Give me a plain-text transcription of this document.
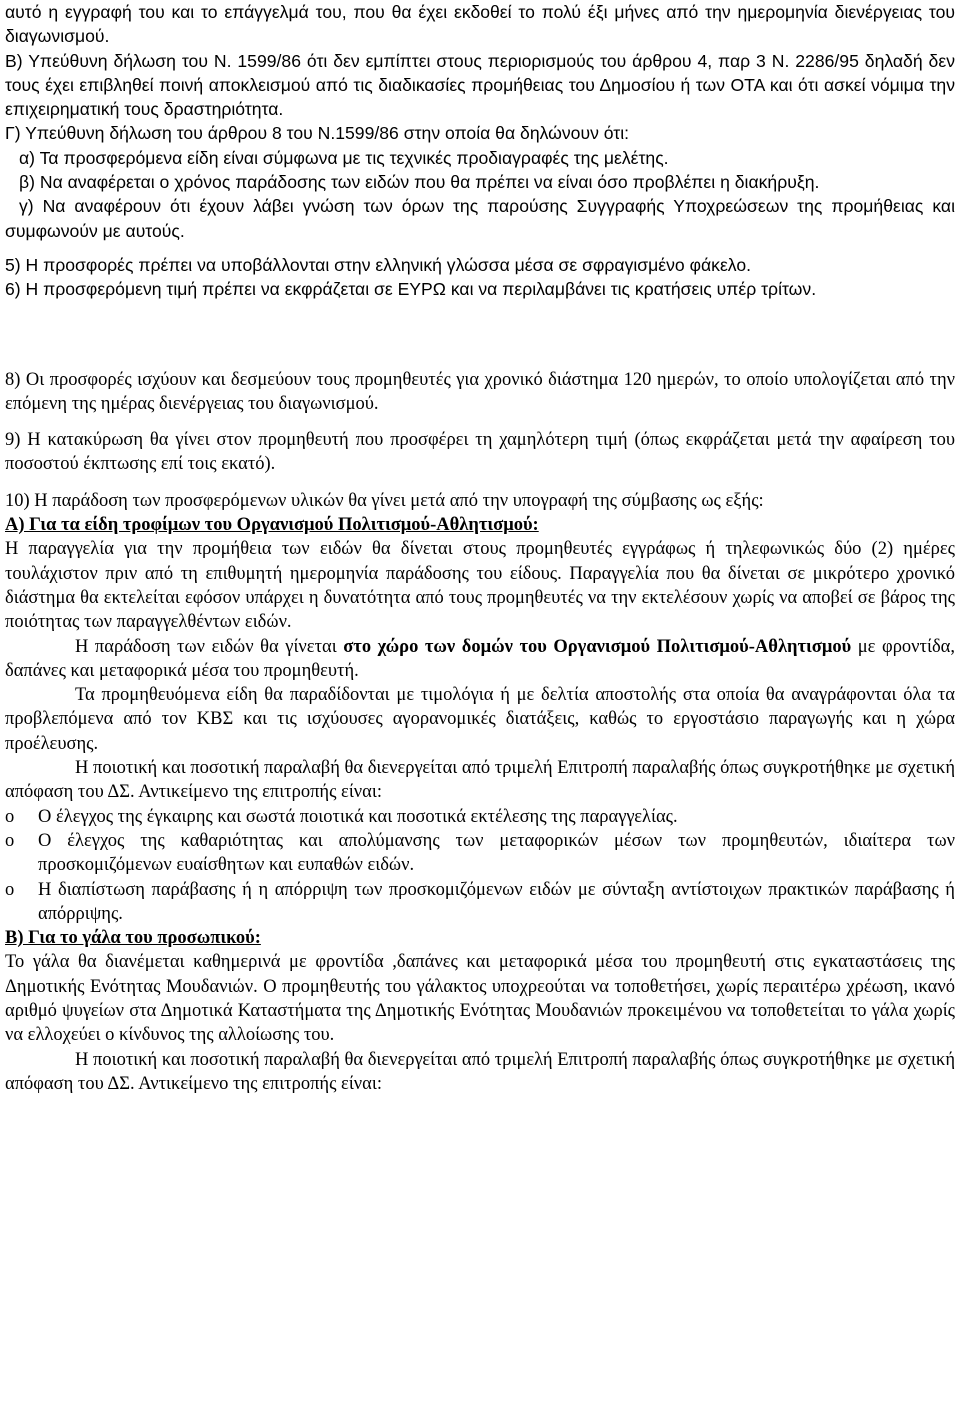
αυτό η εγγραφή του και το επάγγελμά του, που θα έχει εκδοθεί το πολύ έξι μήνες από την ημερομηνία διενέργειας του διαγωνισμού.

Β) Υπεύθυνη δήλωση του Ν. 1599/86 ότι δεν εμπίπτει στους περιορισμούς του άρθρου 4, παρ 3 Ν. 2286/95 δηλαδή δεν τους έχει επιβληθεί ποινή αποκλεισμού από τις διαδικασίες προμήθειας του Δημοσίου ή των ΟΤΑ και ότι ασκεί νόμιμα την επιχειρηματική τους δραστηριότητα.

Γ) Υπεύθυνη δήλωση του άρθρου 8 του Ν.1599/86 στην οποία θα δηλώνουν ότι:

α) Τα προσφερόμενα είδη είναι σύμφωνα με τις τεχνικές προδιαγραφές της μελέτης.

β) Να αναφέρεται ο χρόνος παράδοσης των ειδών που θα πρέπει να είναι όσο προβλέπει η διακήρυξη.

γ) Να αναφέρουν ότι έχουν λάβει γνώση των όρων της παρούσης Συγγραφής Υποχρεώσεων της προμήθειας και συμφωνούν με αυτούς.

5) Η προσφορές πρέπει να υποβάλλονται στην ελληνική γλώσσα μέσα σε σφραγισμένο φάκελο.

6) Η προσφερόμενη τιμή πρέπει να εκφράζεται σε ΕΥΡΩ και να περιλαμβάνει τις κρατήσεις υπέρ τρίτων.

8) Οι προσφορές ισχύουν και δεσμεύουν τους προμηθευτές για χρονικό διάστημα 120 ημερών, το οποίο υπολογίζεται από την επόμενη της ημέρας διενέργειας του διαγωνισμού.

9) Η κατακύρωση θα γίνει στον προμηθευτή που προσφέρει τη χαμηλότερη τιμή (όπως εκφράζεται μετά την αφαίρεση του ποσοστού έκπτωσης επί τοις εκατό).

10) Η παράδοση των προσφερόμενων υλικών θα γίνει μετά από την υπογραφή της σύμβασης ως εξής:

Α) Για τα είδη τροφίμων του Οργανισμού Πολιτισμού-Αθλητισμού:

Η παραγγελία για την προμήθεια των ειδών θα δίνεται στους προμηθευτές εγγράφως ή τηλεφωνικώς δύο (2) ημέρες τουλάχιστον πριν από τη επιθυμητή ημερομηνία παράδοσης του είδους. Παραγγελία που θα δίνεται σε μικρότερο χρονικό διάστημα θα εκτελείται εφόσον υπάρχει η δυνατότητα από τους προμηθευτές να την εκτελέσουν χωρίς να αποβεί σε βάρος της ποιότητας των παραγγελθέντων ειδών.

Η παράδοση των ειδών θα γίνεται στο χώρο των δομών του Οργανισμού Πολιτισμού-Αθλητισμού με φροντίδα, δαπάνες και μεταφορικά μέσα του προμηθευτή.

Τα προμηθευόμενα είδη θα παραδίδονται με τιμολόγια ή με δελτία αποστολής στα οποία θα αναγράφονται όλα τα προβλεπόμενα από τον ΚΒΣ και τις ισχύουσες αγορανομικές διατάξεις, καθώς το εργοστάσιο παραγωγής και η χώρα προέλευσης.

Η ποιοτική και ποσοτική παραλαβή θα διενεργείται από τριμελή Επιτροπή παραλαβής όπως συγκροτήθηκε με σχετική απόφαση του ΔΣ. Αντικείμενο της επιτροπής είναι:

o	Ο έλεγχος της έγκαιρης και σωστά ποιοτικά και ποσοτικά εκτέλεσης της παραγγελίας.
o	Ο έλεγχος της καθαριότητας και απολύμανσης των μεταφορικών μέσων των προμηθευτών, ιδιαίτερα των προσκομιζόμενων ευαίσθητων και ευπαθών ειδών.
o	Η διαπίστωση παράβασης ή η απόρριψη των προσκομιζόμενων ειδών με σύνταξη αντίστοιχων πρακτικών παράβασης ή απόρριψης.

Β) Για το γάλα του προσωπικού:

Το γάλα θα διανέμεται καθημερινά με φροντίδα ,δαπάνες και μεταφορικά μέσα του προμηθευτή στις εγκαταστάσεις της Δημοτικής Ενότητας Μουδανιών. Ο προμηθευτής του γάλακτος υποχρεούται να τοποθετήσει, χωρίς περαιτέρω χρέωση, ικανό αριθμό ψυγείων στα Δημοτικά Καταστήματα της Δημοτικής Ενότητας Μουδανιών προκειμένου να τοποθετείται το γάλα χωρίς να ελλοχεύει ο κίνδυνος της αλλοίωσης του.

Η ποιοτική και ποσοτική παραλαβή θα διενεργείται από τριμελή Επιτροπή παραλαβής όπως συγκροτήθηκε με σχετική απόφαση του ΔΣ. Αντικείμενο της επιτροπής είναι:
